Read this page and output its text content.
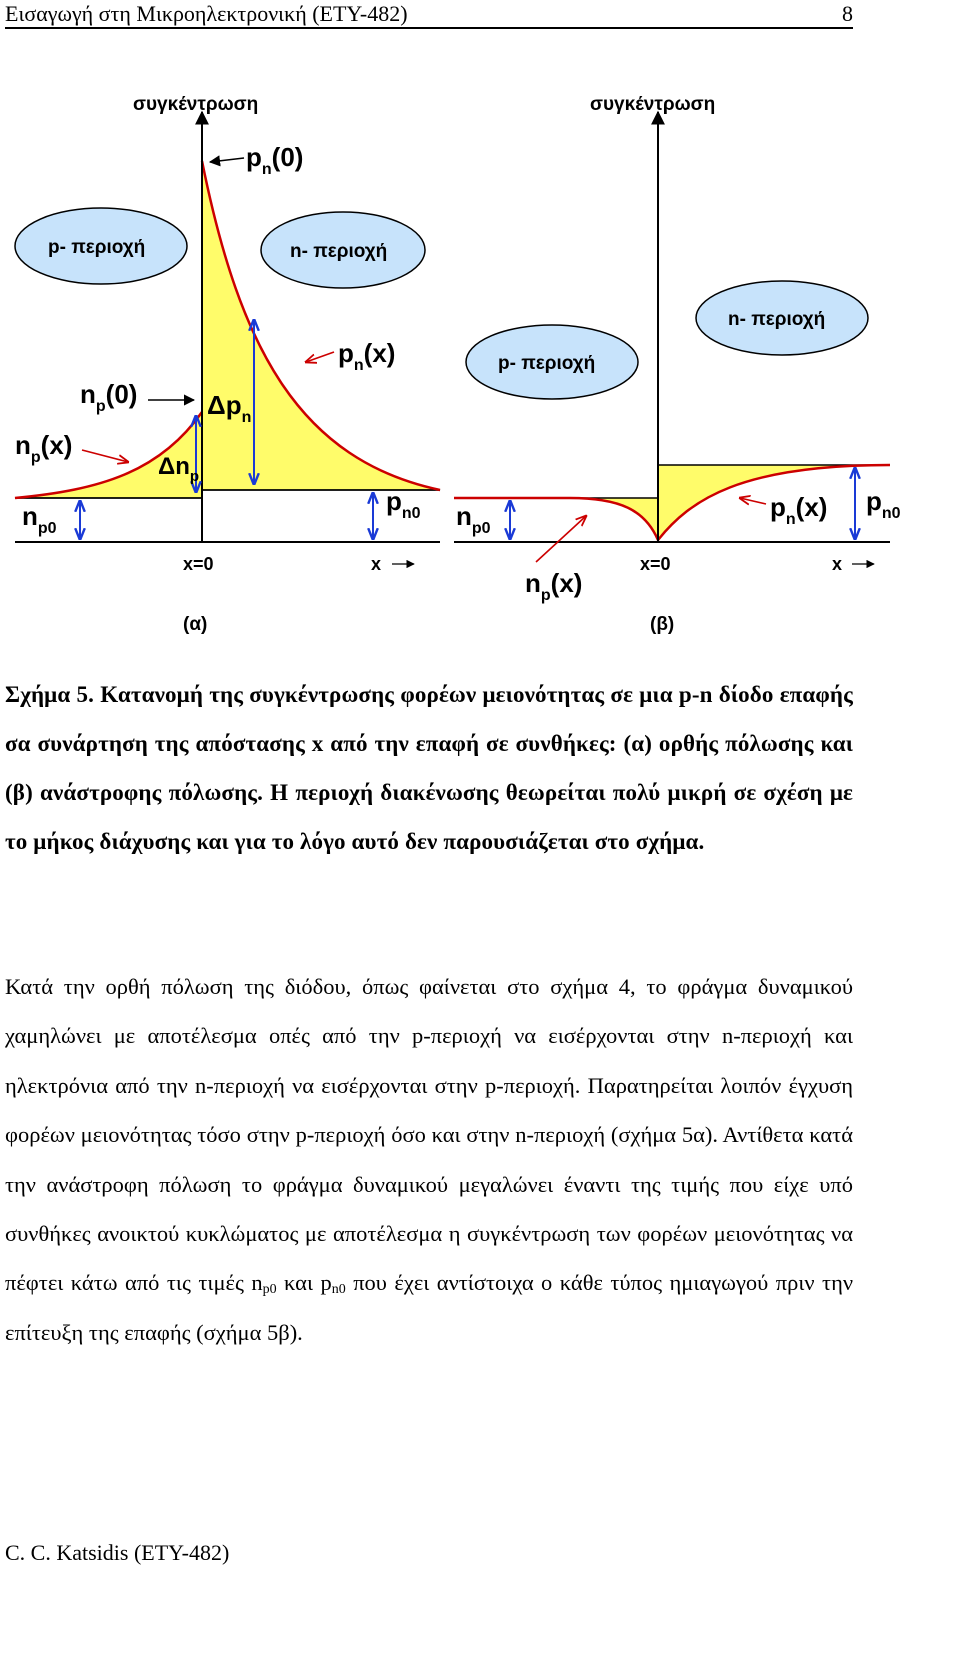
Εισαγωγή στη Μικροηλεκτρονική (ΕΤΥ-482)	8
συγκέντρωση
p- περιοχή	n- περιοχή
$p_n(0)$
$p_n(x)$
$n_p(0)$
$n_p(x)$
$\Delta p_n$
$\Delta n_p$
$n_{p0}$
$p_{n0}$
x=0	x
(α)
συγκέντρωση
p- περιοχή
n- περιοχή
$n_{p0}$
$p_{n0}$
$p_n(x)$
$n_p(x)$
x=0	x
(β)
Σχήμα 5. Κατανομή της συγκέντρωσης φορέων μειονότητας σε μια p-n δίοδο επαφής σα συνάρτηση της απόστασης x από την επαφή σε συνθήκες: (α) ορθής πόλωσης και (β) ανάστροφης πόλωσης. Η περιοχή διακένωσης θεωρείται πολύ μικρή σε σχέση με το μήκος διάχυσης και για το λόγο αυτό δεν παρουσιάζεται στο σχήμα.
Κατά την ορθή πόλωση της διόδου, όπως φαίνεται στο σχήμα 4, το φράγμα δυναμικού χαμηλώνει με αποτέλεσμα οπές από την p-περιοχή να εισέρχονται στην n-περιοχή και ηλεκτρόνια από την n-περιοχή να εισέρχονται στην p-περιοχή. Παρατηρείται λοιπόν έγχυση φορέων μειονότητας τόσο στην p-περιοχή όσο και στην n-περιοχή (σχήμα 5α). Αντίθετα κατά την ανάστροφη πόλωση το φράγμα δυναμικού μεγαλώνει έναντι της τιμής που είχε υπό συνθήκες ανοικτού κυκλώματος με αποτέλεσμα η συγκέντρωση των φορέων μειονότητας να πέφτει κάτω από τις τιμές $n_{p0}$ και $p_{n0}$ που έχει αντίστοιχα ο κάθε τύπος ημιαγωγού πριν την επίτευξη της επαφής (σχήμα 5β).
C. C. Katsidis (ETY-482)
